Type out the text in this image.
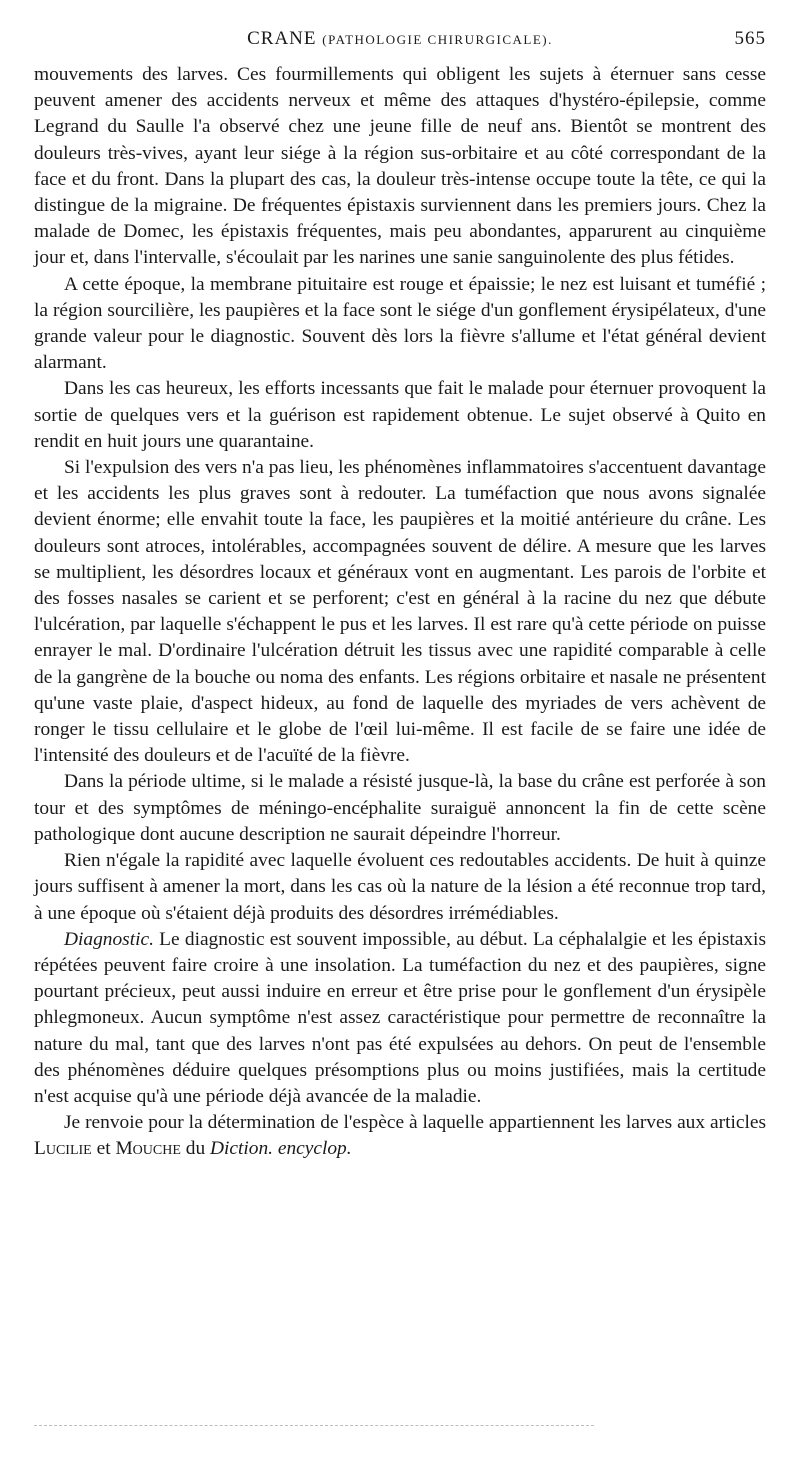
CRANE (PATHOLOGIE CHIRURGICALE).	565

mouvements des larves. Ces fourmillements qui obligent les sujets à éternuer sans cesse peuvent amener des accidents nerveux et même des attaques d'hystéro-épilepsie, comme Legrand du Saulle l'a observé chez une jeune fille de neuf ans. Bientôt se montrent des douleurs très-vives, ayant leur siége à la région sus-orbitaire et au côté correspondant de la face et du front. Dans la plupart des cas, la douleur très-intense occupe toute la tête, ce qui la distingue de la migraine. De fréquentes épistaxis surviennent dans les premiers jours. Chez la malade de Domec, les épistaxis fréquentes, mais peu abondantes, apparurent au cinquième jour et, dans l'intervalle, s'écoulait par les narines une sanie sanguinolente des plus fétides.

A cette époque, la membrane pituitaire est rouge et épaissie; le nez est luisant et tuméfié ; la région sourcilière, les paupières et la face sont le siége d'un gonflement érysipélateux, d'une grande valeur pour le diagnostic. Souvent dès lors la fièvre s'allume et l'état général devient alarmant.

Dans les cas heureux, les efforts incessants que fait le malade pour éternuer provoquent la sortie de quelques vers et la guérison est rapidement obtenue. Le sujet observé à Quito en rendit en huit jours une quarantaine.

Si l'expulsion des vers n'a pas lieu, les phénomènes inflammatoires s'accentuent davantage et les accidents les plus graves sont à redouter. La tuméfaction que nous avons signalée devient énorme; elle envahit toute la face, les paupières et la moitié antérieure du crâne. Les douleurs sont atroces, intolérables, accompagnées souvent de délire. A mesure que les larves se multiplient, les désordres locaux et généraux vont en augmentant. Les parois de l'orbite et des fosses nasales se carient et se perforent; c'est en général à la racine du nez que débute l'ulcération, par laquelle s'échappent le pus et les larves. Il est rare qu'à cette période on puisse enrayer le mal. D'ordinaire l'ulcération détruit les tissus avec une rapidité comparable à celle de la gangrène de la bouche ou noma des enfants. Les régions orbitaire et nasale ne présentent qu'une vaste plaie, d'aspect hideux, au fond de laquelle des myriades de vers achèvent de ronger le tissu cellulaire et le globe de l'œil lui-même. Il est facile de se faire une idée de l'intensité des douleurs et de l'acuïté de la fièvre.

Dans la période ultime, si le malade a résisté jusque-là, la base du crâne est perforée à son tour et des symptômes de méningo-encéphalite suraiguë annoncent la fin de cette scène pathologique dont aucune description ne saurait dépeindre l'horreur.

Rien n'égale la rapidité avec laquelle évoluent ces redoutables accidents. De huit à quinze jours suffisent à amener la mort, dans les cas où la nature de la lésion a été reconnue trop tard, à une époque où s'étaient déjà produits des désordres irrémédiables.

Diagnostic. Le diagnostic est souvent impossible, au début. La céphalalgie et les épistaxis répétées peuvent faire croire à une insolation. La tuméfaction du nez et des paupières, signe pourtant précieux, peut aussi induire en erreur et être prise pour le gonflement d'un érysipèle phlegmoneux. Aucun symptôme n'est assez caractéristique pour permettre de reconnaître la nature du mal, tant que des larves n'ont pas été expulsées au dehors. On peut de l'ensemble des phénomènes déduire quelques présomptions plus ou moins justifiées, mais la certitude n'est acquise qu'à une période déjà avancée de la maladie.

Je renvoie pour la détermination de l'espèce à laquelle appartiennent les larves aux articles Lucilie et Mouche du Diction. encyclop.
